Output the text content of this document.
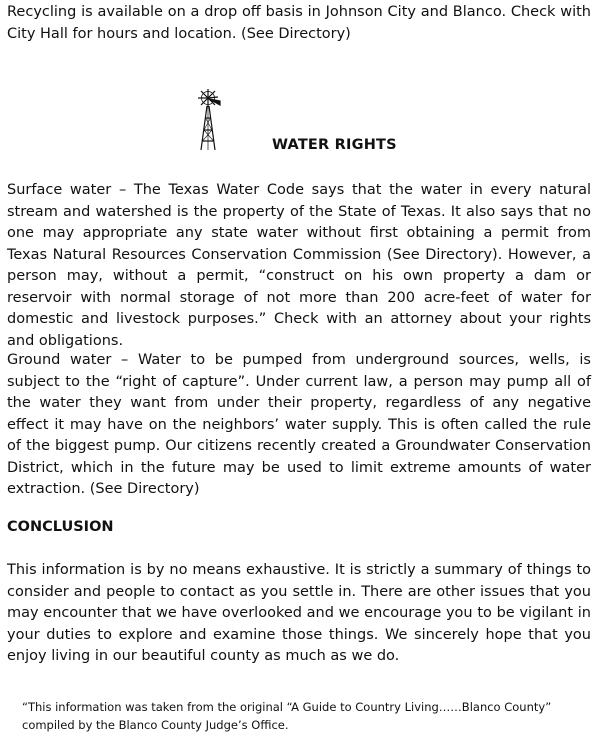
Recycling is available on a drop off basis in Johnson City and Blanco. Check with City Hall for hours and location. (See Directory)

WATER RIGHTS

Surface water – The Texas Water Code says that the water in every natural stream and watershed is the property of the State of Texas. It also says that no one may appropriate any state water without first obtaining a permit from Texas Natural Resources Conservation Commission (See Directory). However, a person may, without a permit, “construct on his own property a dam or reservoir with normal storage of not more than 200 acre-feet of water for domestic and livestock purposes.” Check with an attorney about your rights and obligations.

Ground water – Water to be pumped from underground sources, wells, is subject to the “right of capture”. Under current law, a person may pump all of the water they want from under their property, regardless of any negative effect it may have on the neighbors’ water supply. This is often called the rule of the biggest pump. Our citizens recently created a Groundwater Conservation District, which in the future may be used to limit extreme amounts of water extraction. (See Directory)

CONCLUSION

This information is by no means exhaustive. It is strictly a summary of things to consider and people to contact as you settle in. There are other issues that you may encounter that we have overlooked and we encourage you to be vigilant in your duties to explore and examine those things. We sincerely hope that you enjoy living in our beautiful county as much as we do.

“This information was taken from the original “A Guide to Country Living……Blanco County” compiled by the Blanco County Judge’s Office.
